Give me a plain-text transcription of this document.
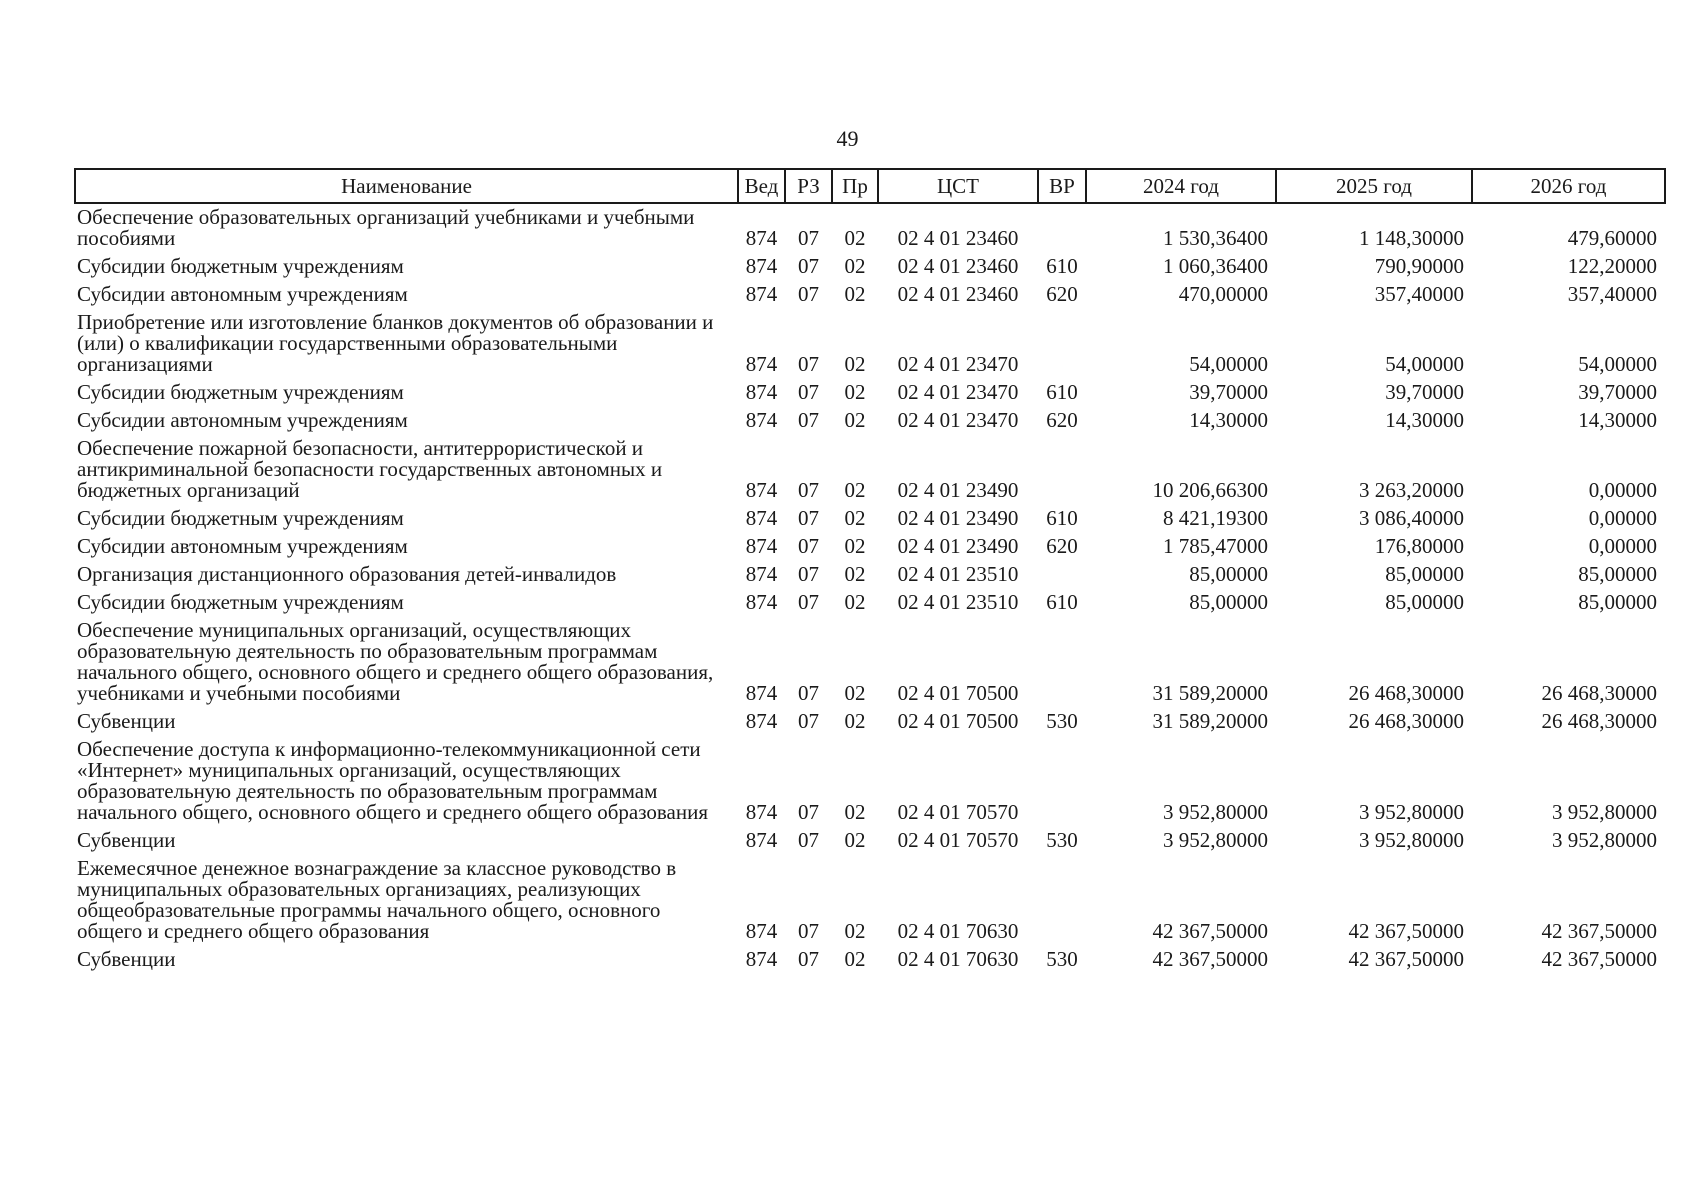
49
Наименование	Вед	РЗ	Пр	ЦСТ	ВР	2024 год	2025 год	2026 год
Обеспечение образовательных организаций учебниками и учебными пособиями	874	07	02	02 4 01 23460		1 530,36400	1 148,30000	479,60000
Субсидии бюджетным учреждениям	874	07	02	02 4 01 23460	610	1 060,36400	790,90000	122,20000
Субсидии автономным учреждениям	874	07	02	02 4 01 23460	620	470,00000	357,40000	357,40000
Приобретение или изготовление бланков документов об образовании и (или) о квалификации государственными образовательными организациями	874	07	02	02 4 01 23470		54,00000	54,00000	54,00000
Субсидии бюджетным учреждениям	874	07	02	02 4 01 23470	610	39,70000	39,70000	39,70000
Субсидии автономным учреждениям	874	07	02	02 4 01 23470	620	14,30000	14,30000	14,30000
Обеспечение пожарной безопасности, антитеррористической и антикриминальной безопасности государственных автономных и бюджетных организаций	874	07	02	02 4 01 23490		10 206,66300	3 263,20000	0,00000
Субсидии бюджетным учреждениям	874	07	02	02 4 01 23490	610	8 421,19300	3 086,40000	0,00000
Субсидии автономным учреждениям	874	07	02	02 4 01 23490	620	1 785,47000	176,80000	0,00000
Организация дистанционного образования детей-инвалидов	874	07	02	02 4 01 23510		85,00000	85,00000	85,00000
Субсидии бюджетным учреждениям	874	07	02	02 4 01 23510	610	85,00000	85,00000	85,00000
Обеспечение муниципальных организаций, осуществляющих образовательную деятельность по образовательным программам начального общего, основного общего и среднего общего образования, учебниками и учебными пособиями	874	07	02	02 4 01 70500		31 589,20000	26 468,30000	26 468,30000
Субвенции	874	07	02	02 4 01 70500	530	31 589,20000	26 468,30000	26 468,30000
Обеспечение доступа к информационно-телекоммуникационной сети «Интернет» муниципальных организаций, осуществляющих образовательную деятельность по образовательным программам начального общего, основного общего и среднего общего образования	874	07	02	02 4 01 70570		3 952,80000	3 952,80000	3 952,80000
Субвенции	874	07	02	02 4 01 70570	530	3 952,80000	3 952,80000	3 952,80000
Ежемесячное денежное вознаграждение за классное руководство в муниципальных образовательных организациях, реализующих общеобразовательные программы начального общего, основного общего и среднего общего образования	874	07	02	02 4 01 70630		42 367,50000	42 367,50000	42 367,50000
Субвенции	874	07	02	02 4 01 70630	530	42 367,50000	42 367,50000	42 367,50000
